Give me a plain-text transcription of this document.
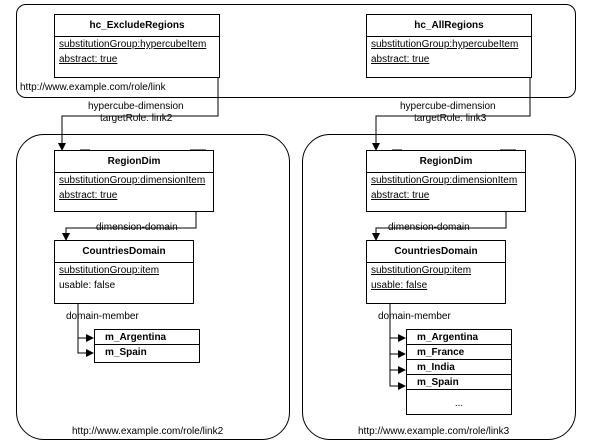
http://www.example.com/role/link
hc_ExcludeRegions
substitutionGroup:hypercubeItem
abstract: true
hc_AllRegions
substitutionGroup:hypercubeItem
abstract: true
hypercube-dimension
targetRole: link2
hypercube-dimension
targetRole: link3
RegionDim
substitutionGroup:dimensionItem
abstract: true
dimension-domain
CountriesDomain
substitutionGroup:item
usable: false
domain-member
m_Argentina
m_Spain
http://www.example.com/role/link2
RegionDim
substitutionGroup:dimensionItem
abstract: true
dimension-domain
CountriesDomain
substitutionGroup:item
usable: false
domain-member
m_Argentina
m_France
m_India
m_Spain
...
http://www.example.com/role/link3
